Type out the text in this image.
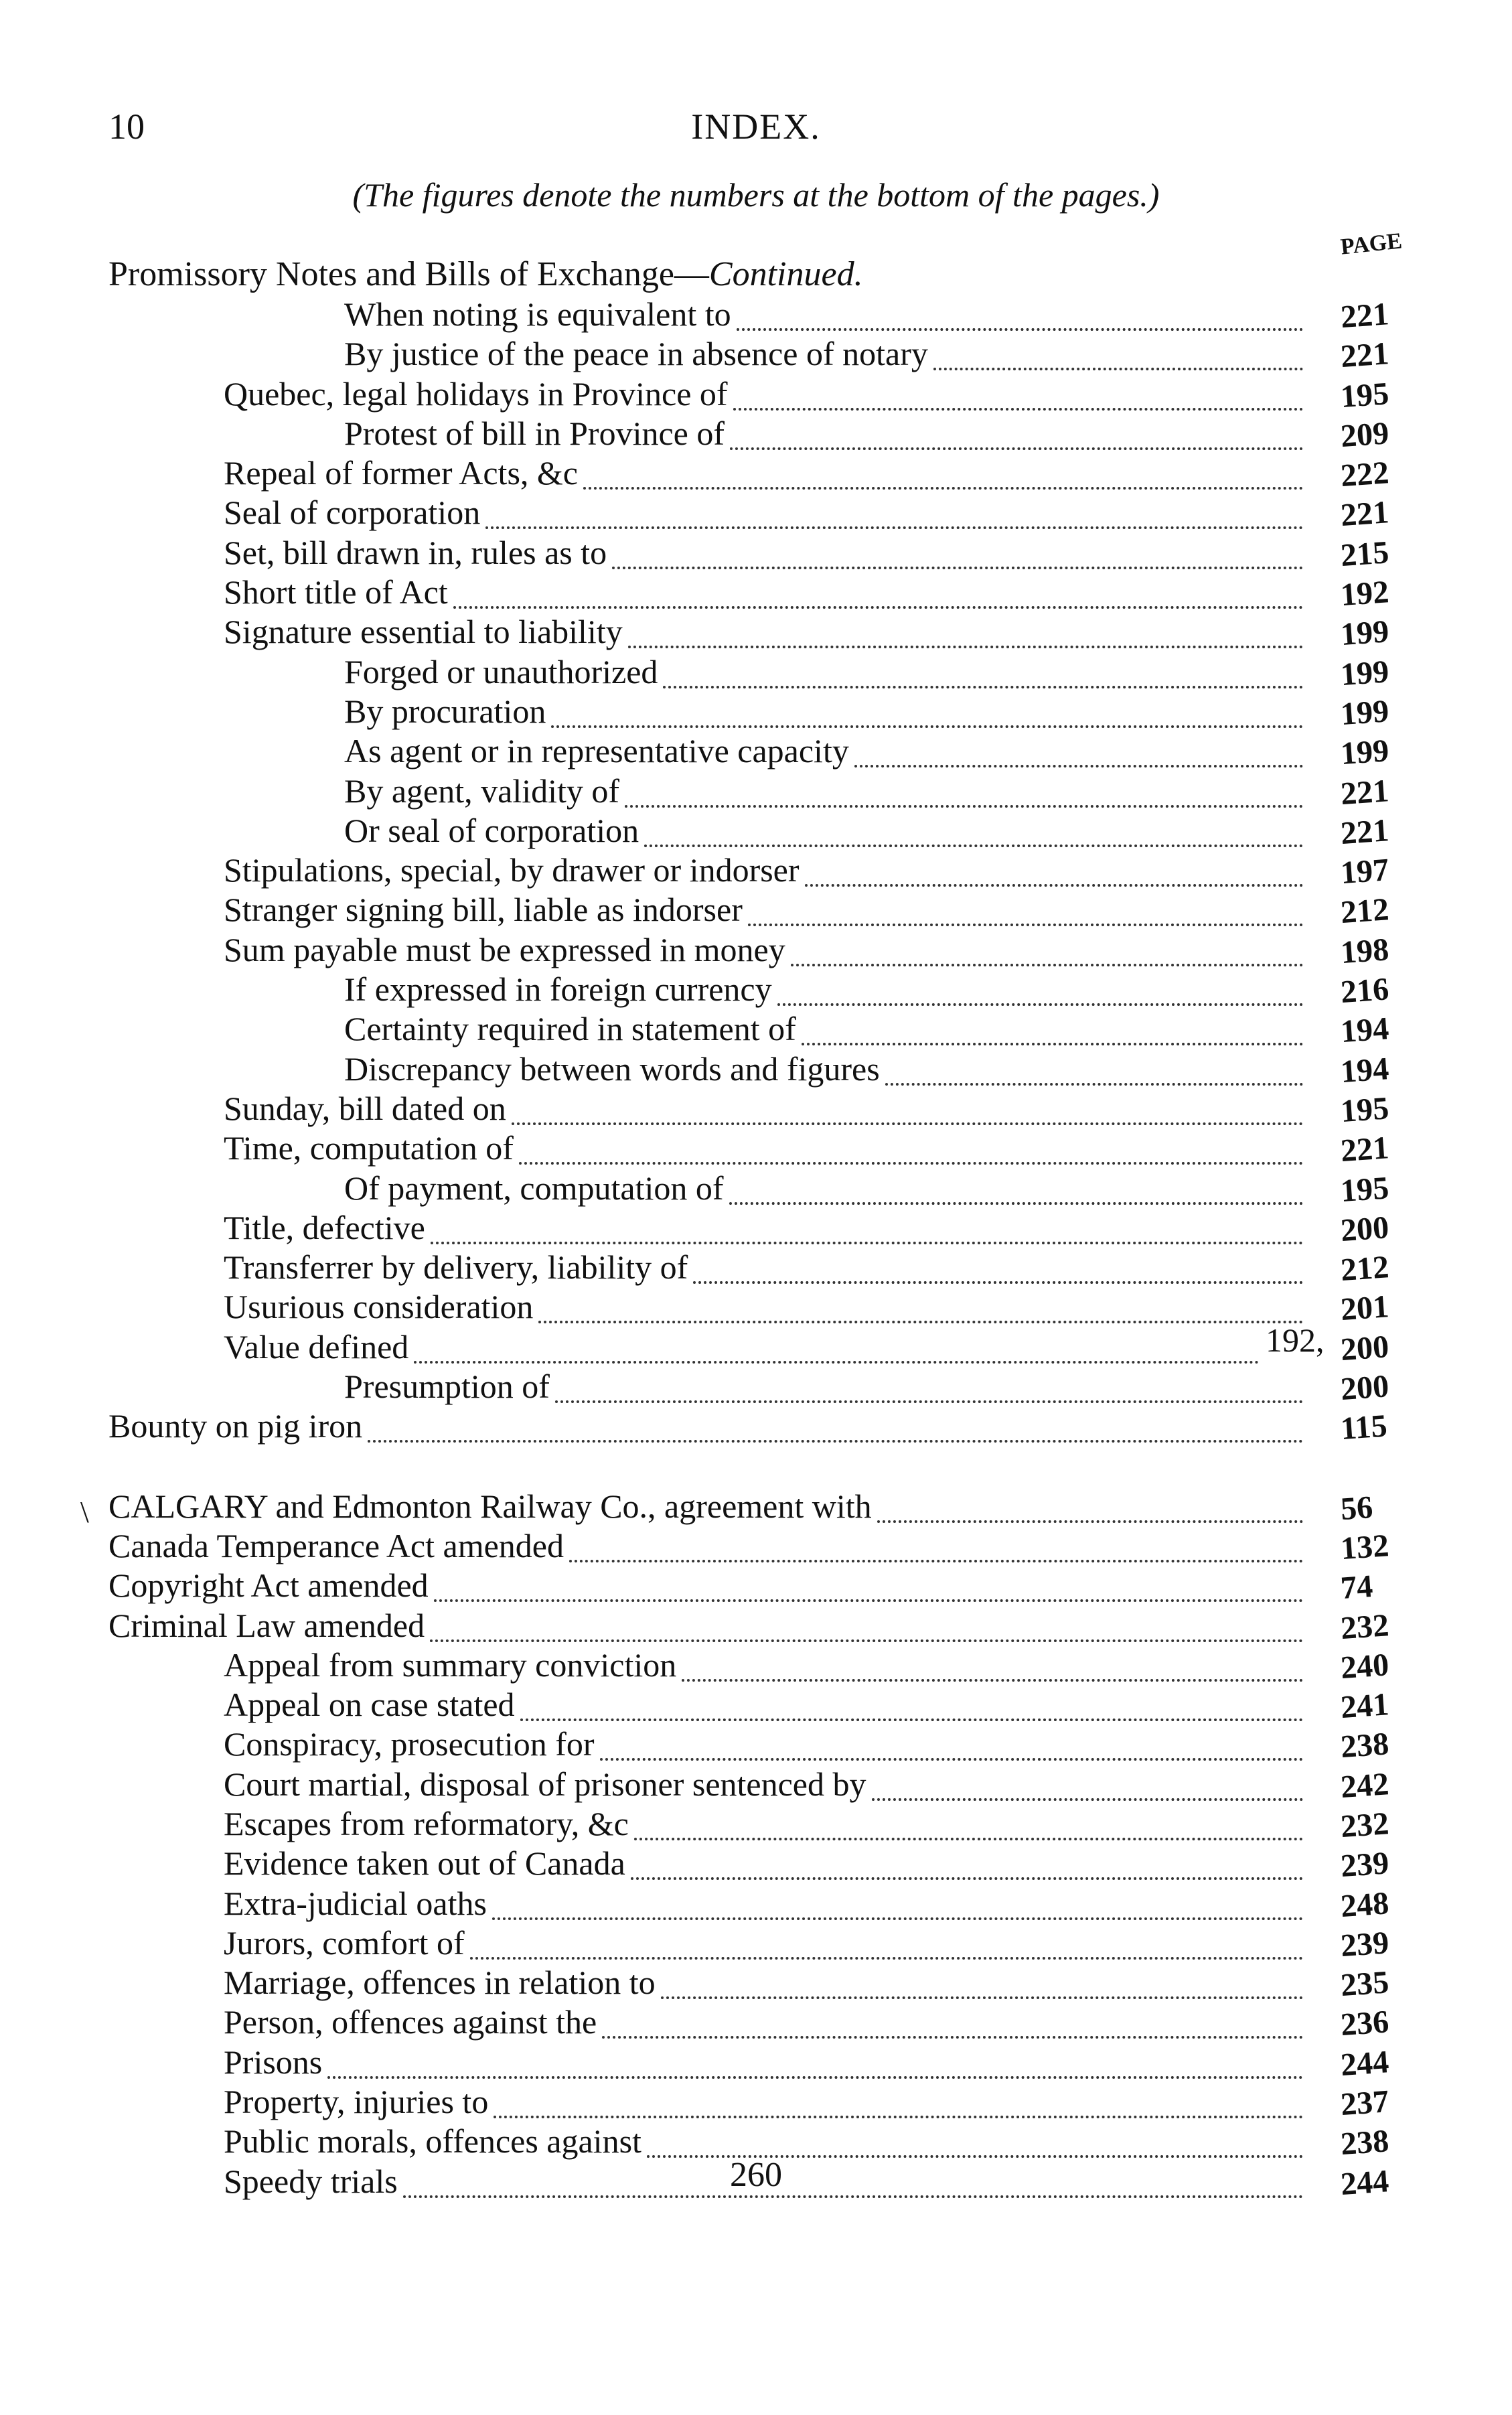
10	INDEX.
(The figures denote the numbers at the bottom of the pages.)
PAGE
Promissory Notes and Bills of Exchange—Continued.
When noting is equivalent to	221
By justice of the peace in absence of notary	221
Quebec, legal holidays in Province of	195
Protest of bill in Province of	209
Repeal of former Acts, &c	222
Seal of corporation	221
Set, bill drawn in, rules as to	215
Short title of Act	192
Signature essential to liability	199
Forged or unauthorized	199
By procuration	199
As agent or in representative capacity	199
By agent, validity of	221
Or seal of corporation	221
Stipulations, special, by drawer or indorser	197
Stranger signing bill, liable as indorser	212
Sum payable must be expressed in money	198
If expressed in foreign currency	216
Certainty required in statement of	194
Discrepancy between words and figures	194
Sunday, bill dated on	195
Time, computation of	221
Of payment, computation of	195
Title, defective	200
Transferrer by delivery, liability of	212
Usurious consideration	201
Value defined	192, 200
Presumption of	200
Bounty on pig iron	115
\ CALGARY and Edmonton Railway Co., agreement with	56
Canada Temperance Act amended	132
Copyright Act amended	74
Criminal Law amended	232
Appeal from summary conviction	240
Appeal on case stated	241
Conspiracy, prosecution for	238
Court martial, disposal of prisoner sentenced by	242
Escapes from reformatory, &c	232
Evidence taken out of Canada	239
Extra-judicial oaths	248
Jurors, comfort of	239
Marriage, offences in relation to	235
Person, offences against the	236
Prisons	244
Property, injuries to	237
Public morals, offences against	238
Speedy trials	244
260
